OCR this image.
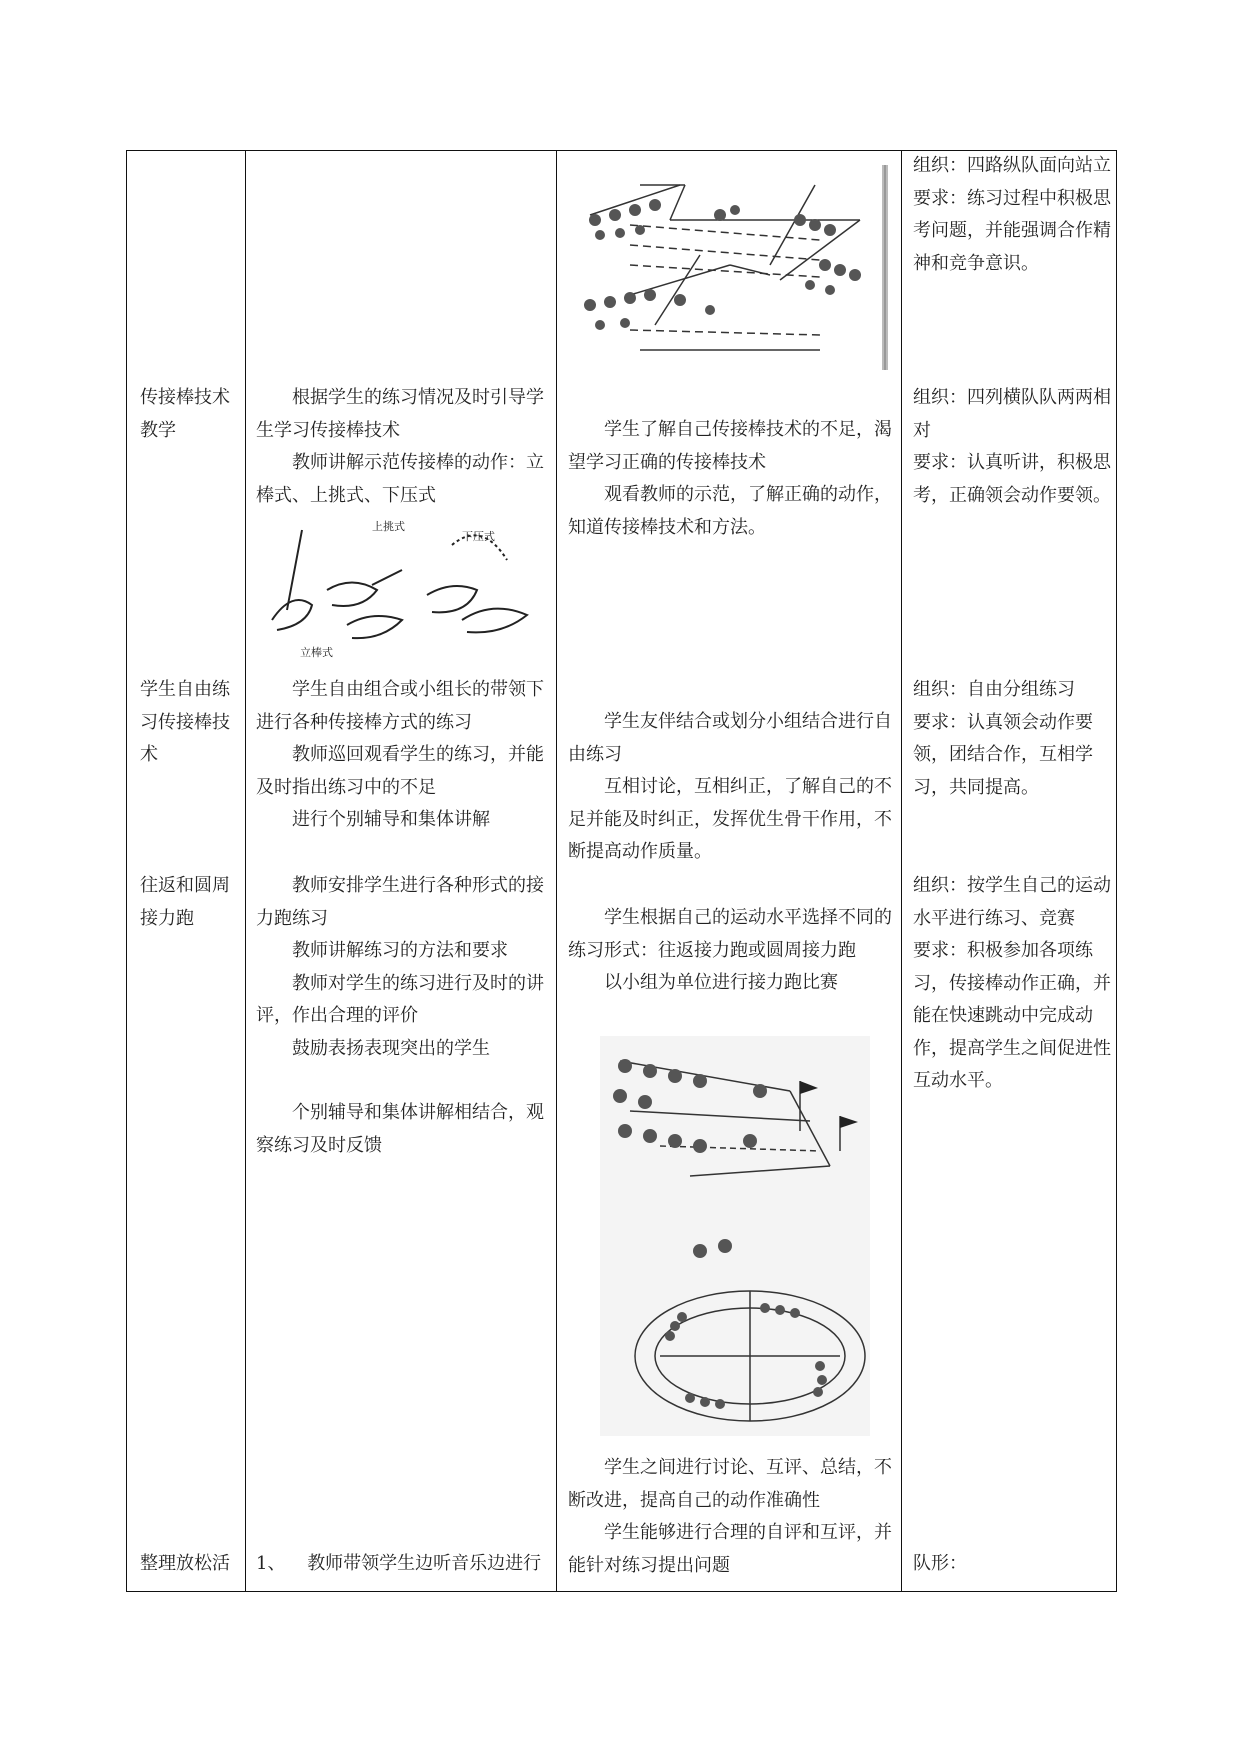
组织：四路纵队面向站立

要求：练习过程中积极思考问题，并能强调合作精神和竞争意识。

传接棒技术教学

根据学生的练习情况及时引导学生学习传接棒技术

教师讲解示范传接棒的动作：立棒式、上挑式、下压式

上挑式
下压式
立棒式

学生了解自己传接棒技术的不足，渴望学习正确的传接棒技术

观看教师的示范，了解正确的动作，知道传接棒技术和方法。

组织：四列横队队两两相对

要求：认真听讲，积极思考，正确领会动作要领。

学生自由练习传接棒技术

学生自由组合或小组长的带领下进行各种传接棒方式的练习

教师巡回观看学生的练习，并能及时指出练习中的不足

进行个别辅导和集体讲解

学生友伴结合或划分小组结合进行自由练习

互相讨论，互相纠正，了解自己的不足并能及时纠正，发挥优生骨干作用，不断提高动作质量。

组织：自由分组练习

要求：认真领会动作要领，团结合作，互相学习，共同提高。

往返和圆周接力跑

教师安排学生进行各种形式的接力跑练习

教师讲解练习的方法和要求

教师对学生的练习进行及时的讲评，作出合理的评价

鼓励表扬表现突出的学生

个别辅导和集体讲解相结合，观察练习及时反馈

学生根据自己的运动水平选择不同的练习形式：往返接力跑或圆周接力跑

以小组为单位进行接力跑比赛

学生之间进行讨论、互评、总结，不断改进，提高自己的动作准确性

学生能够进行合理的自评和互评，并能针对练习提出问题

组织：按学生自己的运动水平进行练习、竞赛

要求：积极参加各项练习，传接棒动作正确，并能在快速跳动中完成动作，提高学生之间促进性互动水平。

整理放松活	1、 教师带领学生边听音乐边进行	队形：
